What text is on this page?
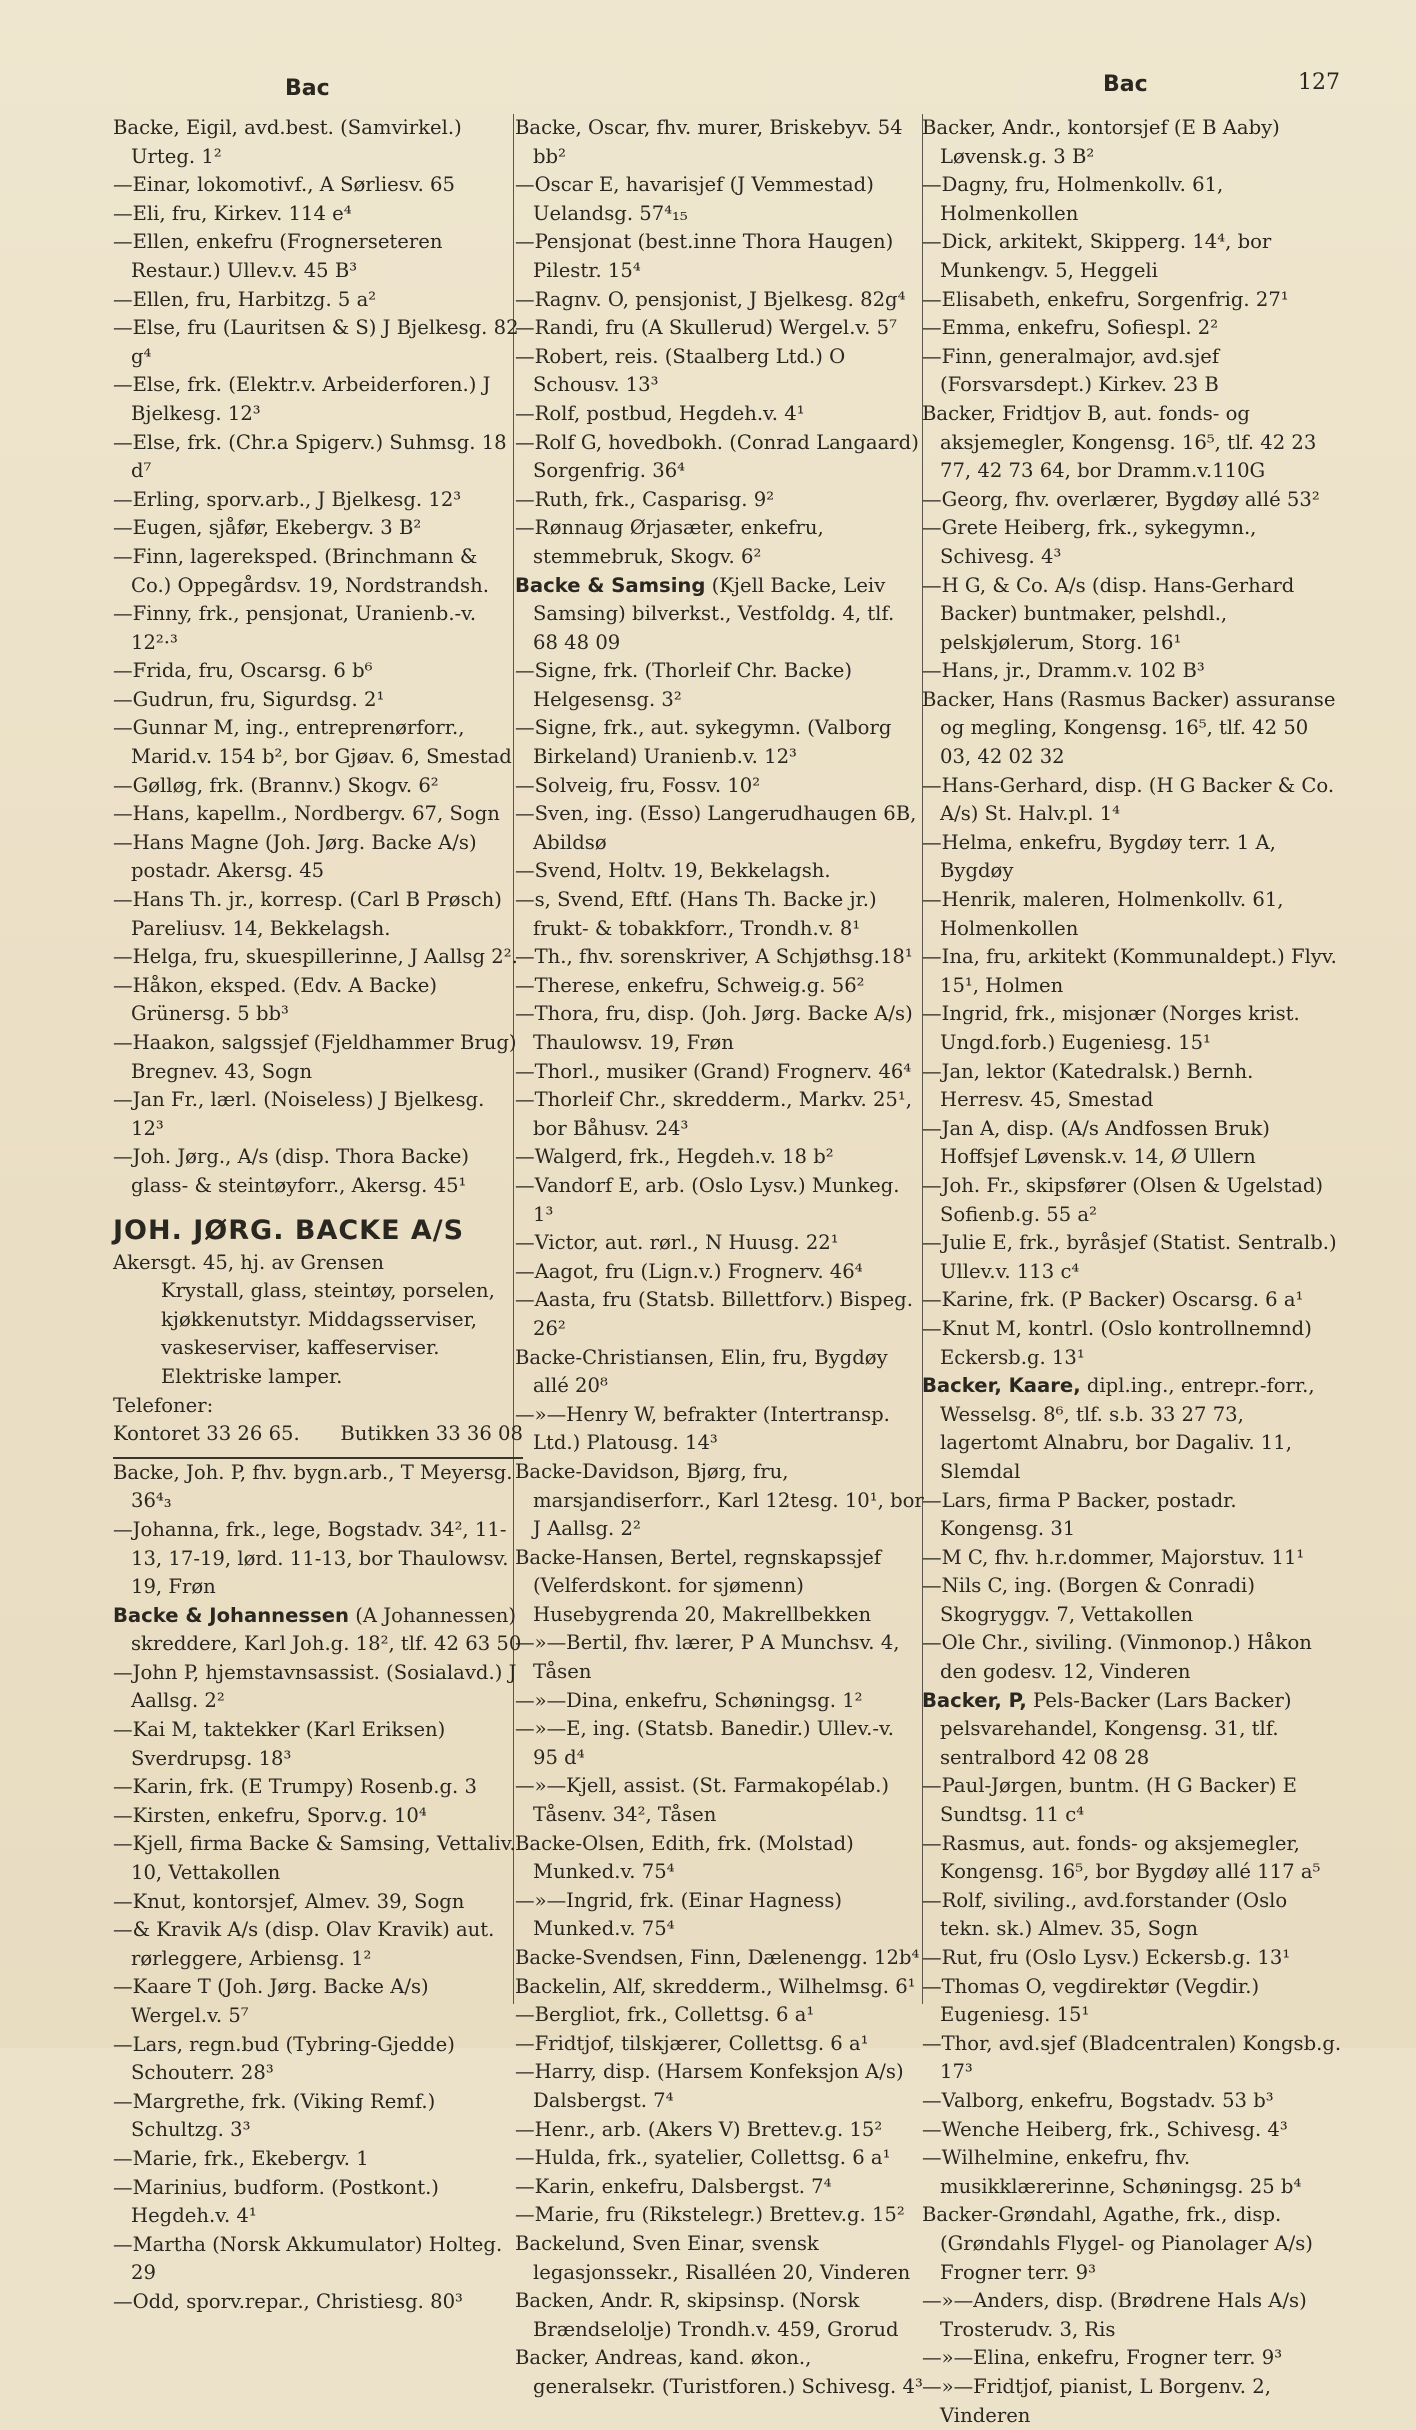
Bac	Bac	127

Backe, Eigil, avd.best. (Samvirkel.) Urteg. 1²

—Einar, lokomotivf., A Sørliesv. 65

—Eli, fru, Kirkev. 114 e⁴

—Ellen, enkefru (Frognerseteren Restaur.) Ullev.v. 45 B³

—Ellen, fru, Harbitzg. 5 a²

—Else, fru (Lauritsen & S) J Bjelkesg. 82 g⁴

—Else, frk. (Elektr.v. Arbeiderforen.) J Bjelkesg. 12³

—Else, frk. (Chr.a Spigerv.) Suhmsg. 18 d⁷

—Erling, sporv.arb., J Bjelkesg. 12³

—Eugen, sjåfør, Ekebergv. 3 B²

—Finn, lagereksped. (Brinchmann & Co.) Oppegårdsv. 19, Nordstrandsh.

—Finny, frk., pensjonat, Uranienb.-v. 12²·³

—Frida, fru, Oscarsg. 6 b⁶

—Gudrun, fru, Sigurdsg. 2¹

—Gunnar M, ing., entreprenørforr., Marid.v. 154 b², bor Gjøav. 6, Smestad

—Gølløg, frk. (Brannv.) Skogv. 6²

—Hans, kapellm., Nordbergv. 67, Sogn

—Hans Magne (Joh. Jørg. Backe A/s) postadr. Akersg. 45

—Hans Th. jr., korresp. (Carl B Prøsch) Pareliusv. 14, Bekkelagsh.

—Helga, fru, skuespillerinne, J Aallsg 2².

—Håkon, eksped. (Edv. A Backe) Grünersg. 5 bb³

—Haakon, salgssjef (Fjeldhammer Brug) Bregnev. 43, Sogn

—Jan Fr., lærl. (Noiseless) J Bjelkesg. 12³

—Joh. Jørg., A/s (disp. Thora Backe) glass- & steintøyforr., Akersg. 45¹

JOH. JØRG. BACKE A/S

Akersgt. 45, hj. av Grensen

Krystall, glass, steintøy, porselen,

kjøkkenutstyr. Middagsserviser,

vaskeserviser, kaffeserviser.

Elektriske lamper.

Telefoner:

Kontoret 33 26 65. Butikken 33 36 08

Backe, Joh. P, fhv. bygn.arb., T Meyersg. 36⁴₃

—Johanna, frk., lege, Bogstadv. 34², 11-13, 17-19, lørd. 11-13, bor Thaulowsv. 19, Frøn

Backe & Johannessen (A Johannessen) skreddere, Karl Joh.g. 18², tlf. 42 63 50

—John P, hjemstavnsassist. (Sosialavd.) J Aallsg. 2²

—Kai M, taktekker (Karl Eriksen) Sverdrupsg. 18³

—Karin, frk. (E Trumpy) Rosenb.g. 3

—Kirsten, enkefru, Sporv.g. 10⁴

—Kjell, firma Backe & Samsing, Vettaliv. 10, Vettakollen

—Knut, kontorsjef, Almev. 39, Sogn

—& Kravik A/s (disp. Olav Kravik) aut. rørleggere, Arbiensg. 1²

—Kaare T (Joh. Jørg. Backe A/s) Wergel.v. 5⁷

—Lars, regn.bud (Tybring-Gjedde) Schouterr. 28³

—Margrethe, frk. (Viking Remf.) Schultzg. 3³

—Marie, frk., Ekebergv. 1

—Marinius, budform. (Postkont.) Hegdeh.v. 4¹

—Martha (Norsk Akkumulator) Holteg. 29

—Odd, sporv.repar., Christiesg. 80³

Backe, Oscar, fhv. murer, Briskebyv. 54 bb²

—Oscar E, havarisjef (J Vemmestad) Uelandsg. 57⁴₁₅

—Pensjonat (best.inne Thora Haugen) Pilestr. 15⁴

—Ragnv. O, pensjonist, J Bjelkesg. 82g⁴

—Randi, fru (A Skullerud) Wergel.v. 5⁷

—Robert, reis. (Staalberg Ltd.) O Schousv. 13³

—Rolf, postbud, Hegdeh.v. 4¹

—Rolf G, hovedbokh. (Conrad Langaard) Sorgenfrig. 36⁴

—Ruth, frk., Casparisg. 9²

—Rønnaug Ørjasæter, enkefru, stemmebruk, Skogv. 6²

Backe & Samsing (Kjell Backe, Leiv Samsing) bilverkst., Vestfoldg. 4, tlf. 68 48 09

—Signe, frk. (Thorleif Chr. Backe) Helgesensg. 3²

—Signe, frk., aut. sykegymn. (Valborg Birkeland) Uranienb.v. 12³

—Solveig, fru, Fossv. 10²

—Sven, ing. (Esso) Langerudhaugen 6B, Abildsø

—Svend, Holtv. 19, Bekkelagsh.

—s, Svend, Eftf. (Hans Th. Backe jr.) frukt- & tobakkforr., Trondh.v. 8¹

—Th., fhv. sorenskriver, A Schjøthsg.18¹

—Therese, enkefru, Schweig.g. 56²

—Thora, fru, disp. (Joh. Jørg. Backe A/s) Thaulowsv. 19, Frøn

—Thorl., musiker (Grand) Frognerv. 46⁴

—Thorleif Chr., skredderm., Markv. 25¹, bor Båhusv. 24³

—Walgerd, frk., Hegdeh.v. 18 b²

—Vandorf E, arb. (Oslo Lysv.) Munkeg. 1³

—Victor, aut. rørl., N Huusg. 22¹

—Aagot, fru (Lign.v.) Frognerv. 46⁴

—Aasta, fru (Statsb. Billettforv.) Bispeg. 26²

Backe-Christiansen, Elin, fru, Bygdøy allé 20⁸

—»—Henry W, befrakter (Intertransp. Ltd.) Platousg. 14³

Backe-Davidson, Bjørg, fru, marsjandiserforr., Karl 12tesg. 10¹, bor J Aallsg. 2²

Backe-Hansen, Bertel, regnskapssjef (Velferdskont. for sjømenn) Husebygrenda 20, Makrellbekken

—»—Bertil, fhv. lærer, P A Munchsv. 4, Tåsen

—»—Dina, enkefru, Schøningsg. 1²

—»—E, ing. (Statsb. Banedir.) Ullev.-v. 95 d⁴

—»—Kjell, assist. (St. Farmakopélab.) Tåsenv. 34², Tåsen

Backe-Olsen, Edith, frk. (Molstad) Munked.v. 75⁴

—»—Ingrid, frk. (Einar Hagness) Munked.v. 75⁴

Backe-Svendsen, Finn, Dælenengg. 12b⁴

Backelin, Alf, skredderm., Wilhelmsg. 6¹

—Bergliot, frk., Collettsg. 6 a¹

—Fridtjof, tilskjærer, Collettsg. 6 a¹

—Harry, disp. (Harsem Konfeksjon A/s) Dalsbergst. 7⁴

—Henr., arb. (Akers V) Brettev.g. 15²

—Hulda, frk., syatelier, Collettsg. 6 a¹

—Karin, enkefru, Dalsbergst. 7⁴

—Marie, fru (Rikstelegr.) Brettev.g. 15²

Backelund, Sven Einar, svensk legasjonssekr., Risalléen 20, Vinderen

Backen, Andr. R, skipsinsp. (Norsk Brændselolje) Trondh.v. 459, Grorud

Backer, Andreas, kand. økon., generalsekr. (Turistforen.) Schivesg. 4³

Backer, Andr., kontorsjef (E B Aaby) Løvensk.g. 3 B²

—Dagny, fru, Holmenkollv. 61, Holmenkollen

—Dick, arkitekt, Skipperg. 14⁴, bor Munkengv. 5, Heggeli

—Elisabeth, enkefru, Sorgenfrig. 27¹

—Emma, enkefru, Sofiespl. 2²

—Finn, generalmajor, avd.sjef (Forsvarsdept.) Kirkev. 23 B

Backer, Fridtjov B, aut. fonds- og aksjemegler, Kongensg. 16⁵, tlf. 42 23 77, 42 73 64, bor Dramm.v.110G

—Georg, fhv. overlærer, Bygdøy allé 53²

—Grete Heiberg, frk., sykegymn., Schivesg. 4³

—H G, & Co. A/s (disp. Hans-Gerhard Backer) buntmaker, pelshdl., pelskjølerum, Storg. 16¹

—Hans, jr., Dramm.v. 102 B³

Backer, Hans (Rasmus Backer) assuranse og megling, Kongensg. 16⁵, tlf. 42 50 03, 42 02 32

—Hans-Gerhard, disp. (H G Backer & Co. A/s) St. Halv.pl. 1⁴

—Helma, enkefru, Bygdøy terr. 1 A, Bygdøy

—Henrik, maleren, Holmenkollv. 61, Holmenkollen

—Ina, fru, arkitekt (Kommunaldept.) Flyv. 15¹, Holmen

—Ingrid, frk., misjonær (Norges krist. Ungd.forb.) Eugeniesg. 15¹

—Jan, lektor (Katedralsk.) Bernh. Herresv. 45, Smestad

—Jan A, disp. (A/s Andfossen Bruk) Hoffsjef Løvensk.v. 14, Ø Ullern

—Joh. Fr., skipsfører (Olsen & Ugelstad) Sofienb.g. 55 a²

—Julie E, frk., byråsjef (Statist. Sentralb.) Ullev.v. 113 c⁴

—Karine, frk. (P Backer) Oscarsg. 6 a¹

—Knut M, kontrl. (Oslo kontrollnemnd) Eckersb.g. 13¹

Backer, Kaare, dipl.ing., entrepr.-forr., Wesselsg. 8⁶, tlf. s.b. 33 27 73, lagertomt Alnabru, bor Dagaliv. 11, Slemdal

—Lars, firma P Backer, postadr. Kongensg. 31

—M C, fhv. h.r.dommer, Majorstuv. 11¹

—Nils C, ing. (Borgen & Conradi) Skogryggv. 7, Vettakollen

—Ole Chr., siviling. (Vinmonop.) Håkon den godesv. 12, Vinderen

Backer, P, Pels-Backer (Lars Backer) pelsvarehandel, Kongensg. 31, tlf. sentralbord 42 08 28

—Paul-Jørgen, buntm. (H G Backer) E Sundtsg. 11 c⁴

—Rasmus, aut. fonds- og aksjemegler, Kongensg. 16⁵, bor Bygdøy allé 117 a⁵

—Rolf, siviling., avd.forstander (Oslo tekn. sk.) Almev. 35, Sogn

—Rut, fru (Oslo Lysv.) Eckersb.g. 13¹

—Thomas O, vegdirektør (Vegdir.) Eugeniesg. 15¹

—Thor, avd.sjef (Bladcentralen) Kongsb.g. 17³

—Valborg, enkefru, Bogstadv. 53 b³

—Wenche Heiberg, frk., Schivesg. 4³

—Wilhelmine, enkefru, fhv. musikklærerinne, Schøningsg. 25 b⁴

Backer-Grøndahl, Agathe, frk., disp. (Grøndahls Flygel- og Pianolager A/s) Frogner terr. 9³

—»—Anders, disp. (Brødrene Hals A/s) Trosterudv. 3, Ris

—»—Elina, enkefru, Frogner terr. 9³

—»—Fridtjof, pianist, L Borgenv. 2, Vinderen
